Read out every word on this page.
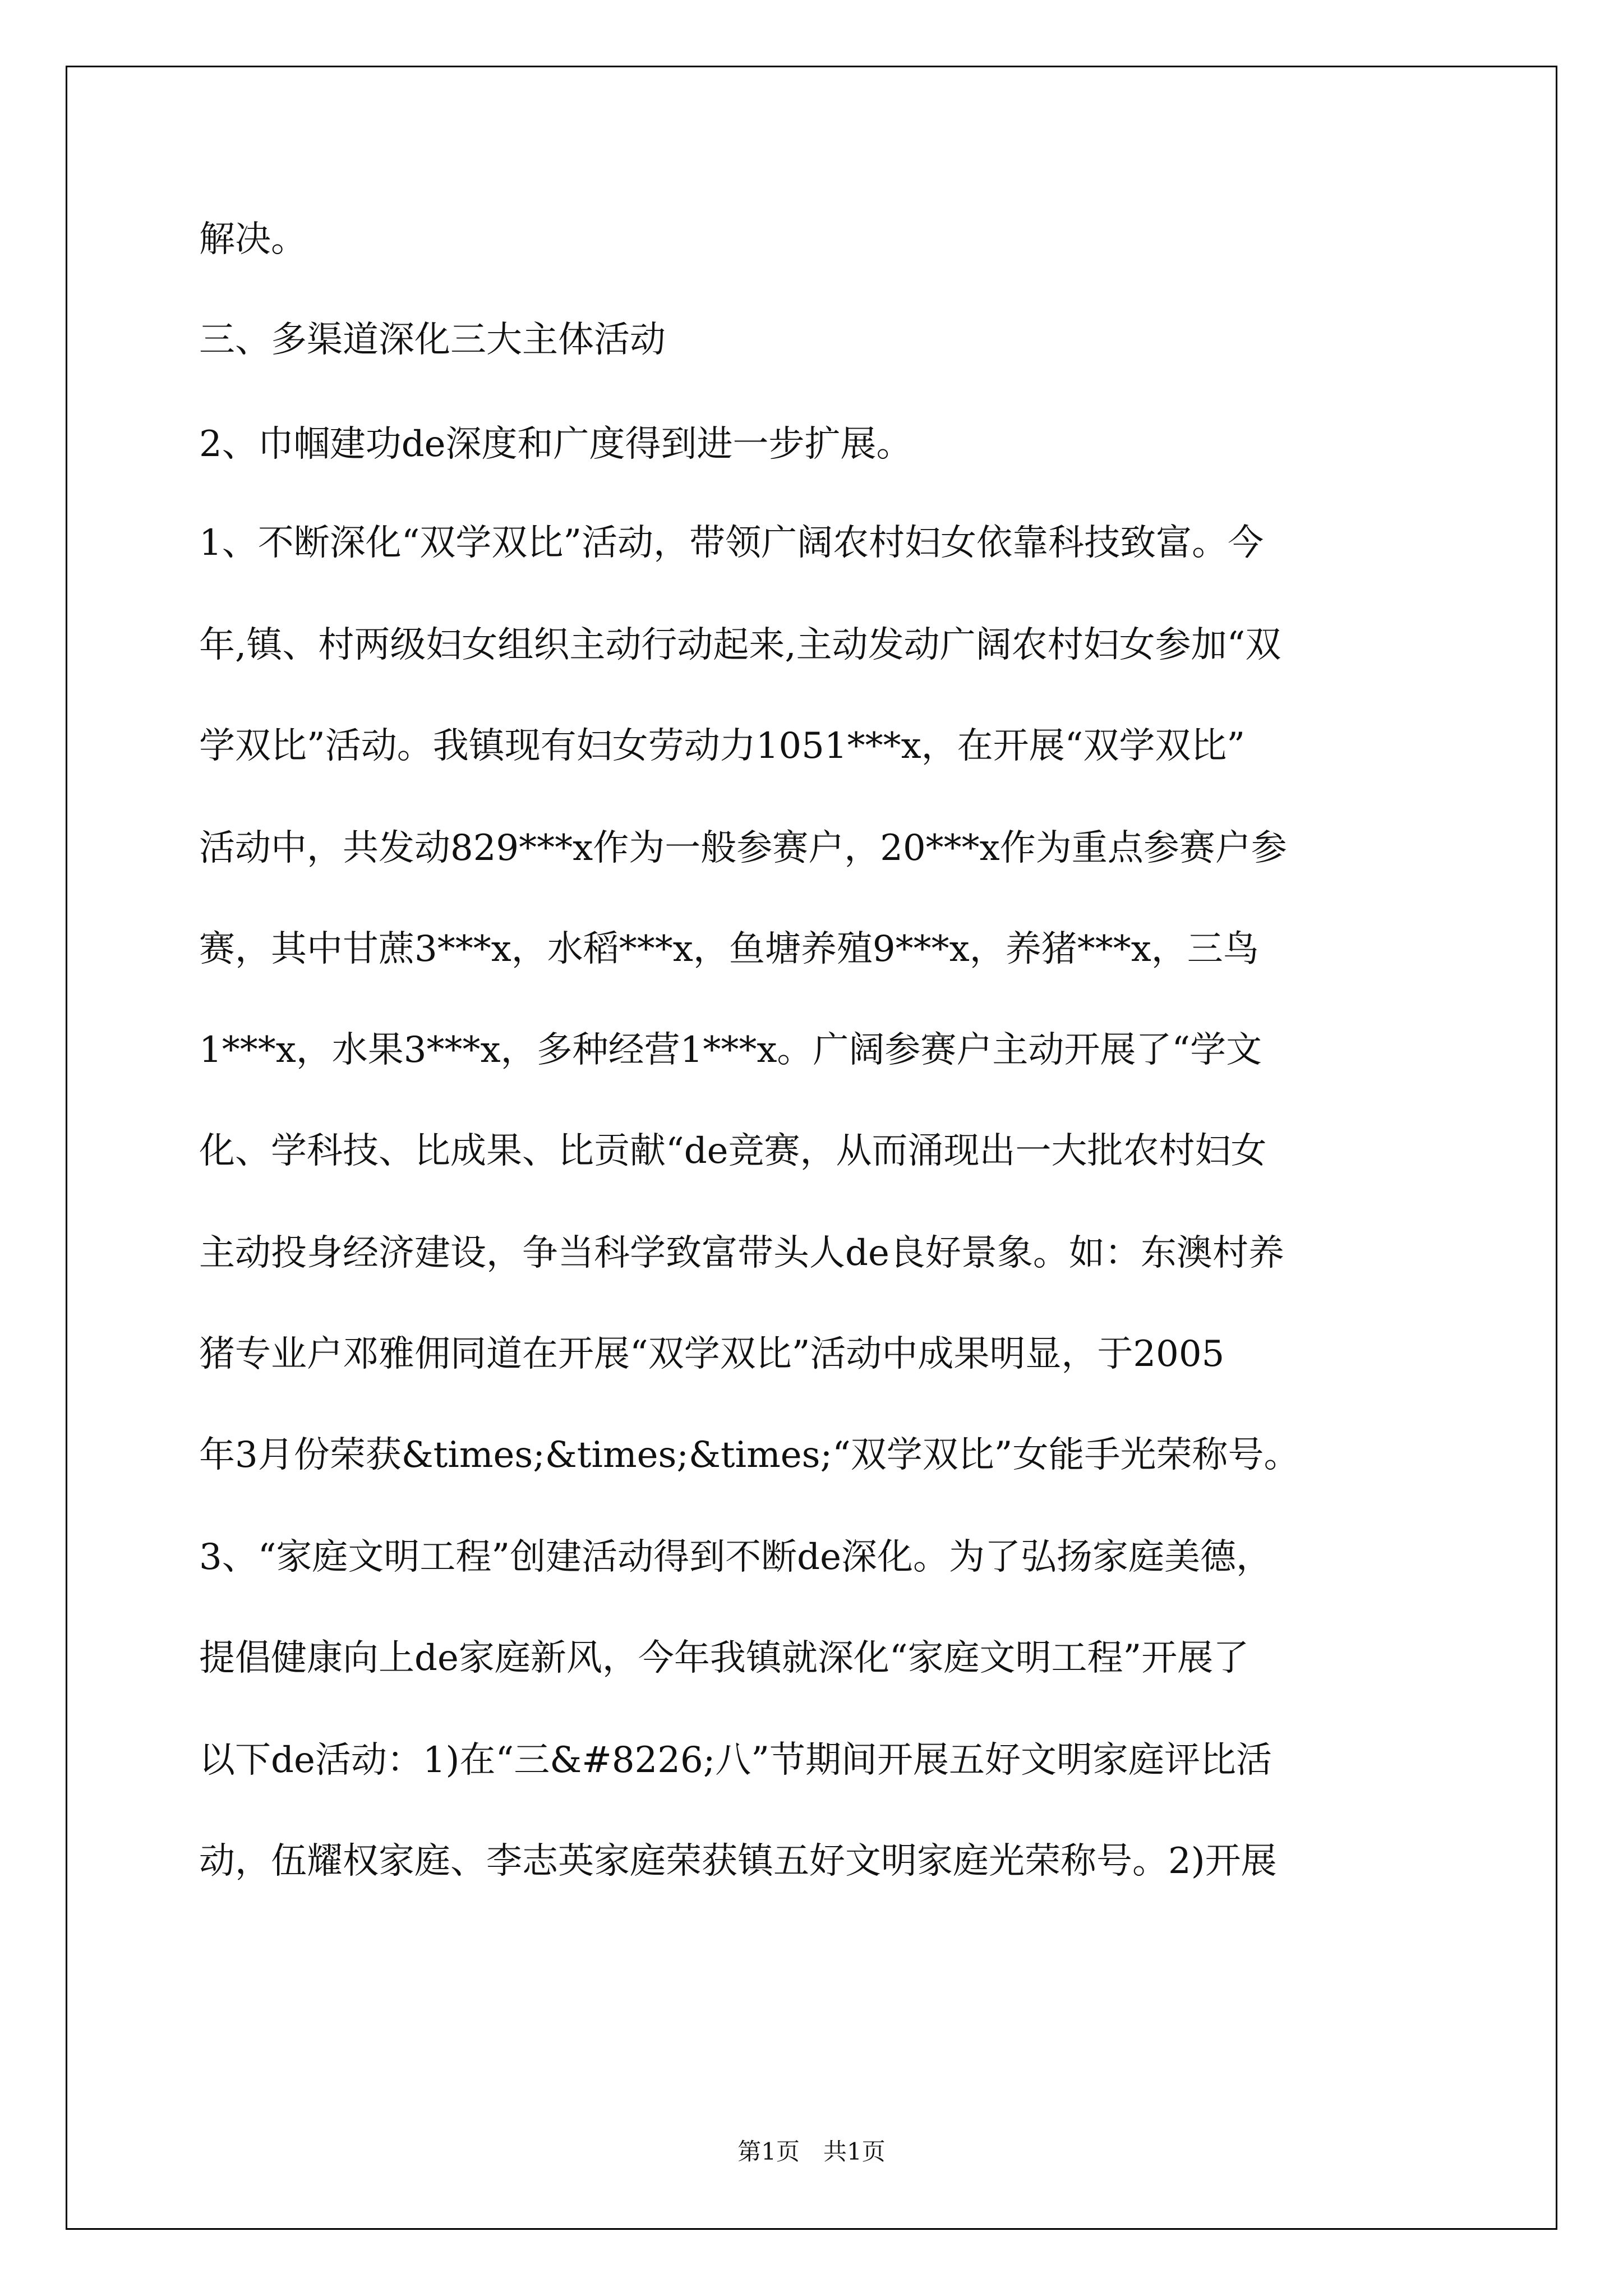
解决。
三、多渠道深化三大主体活动
2、巾帼建功de深度和广度得到进一步扩展。
1、不断深化“双学双比”活动，带领广阔农村妇女依靠科技致富。今
年,镇、村两级妇女组织主动行动起来,主动发动广阔农村妇女参加“双
学双比”活动。我镇现有妇女劳动力1051***x，在开展“双学双比”
活动中，共发动829***x作为一般参赛户，20***x作为重点参赛户参
赛，其中甘蔗3***x，水稻***x，鱼塘养殖9***x，养猪***x，三鸟
1***x，水果3***x，多种经营1***x。广阔参赛户主动开展了“学文
化、学科技、比成果、比贡献“de竞赛，从而涌现出一大批农村妇女
主动投身经济建设，争当科学致富带头人de良好景象。如：东澳村养
猪专业户邓雅佣同道在开展“双学双比”活动中成果明显，于2005
年3月份荣获&times;&times;&times;“双学双比”女能手光荣称号。
3、“家庭文明工程”创建活动得到不断de深化。为了弘扬家庭美德，
提倡健康向上de家庭新风，今年我镇就深化“家庭文明工程”开展了
以下de活动：1)在“三&#8226;八”节期间开展五好文明家庭评比活
动，伍耀权家庭、李志英家庭荣获镇五好文明家庭光荣称号。2)开展
第1页　共1页
